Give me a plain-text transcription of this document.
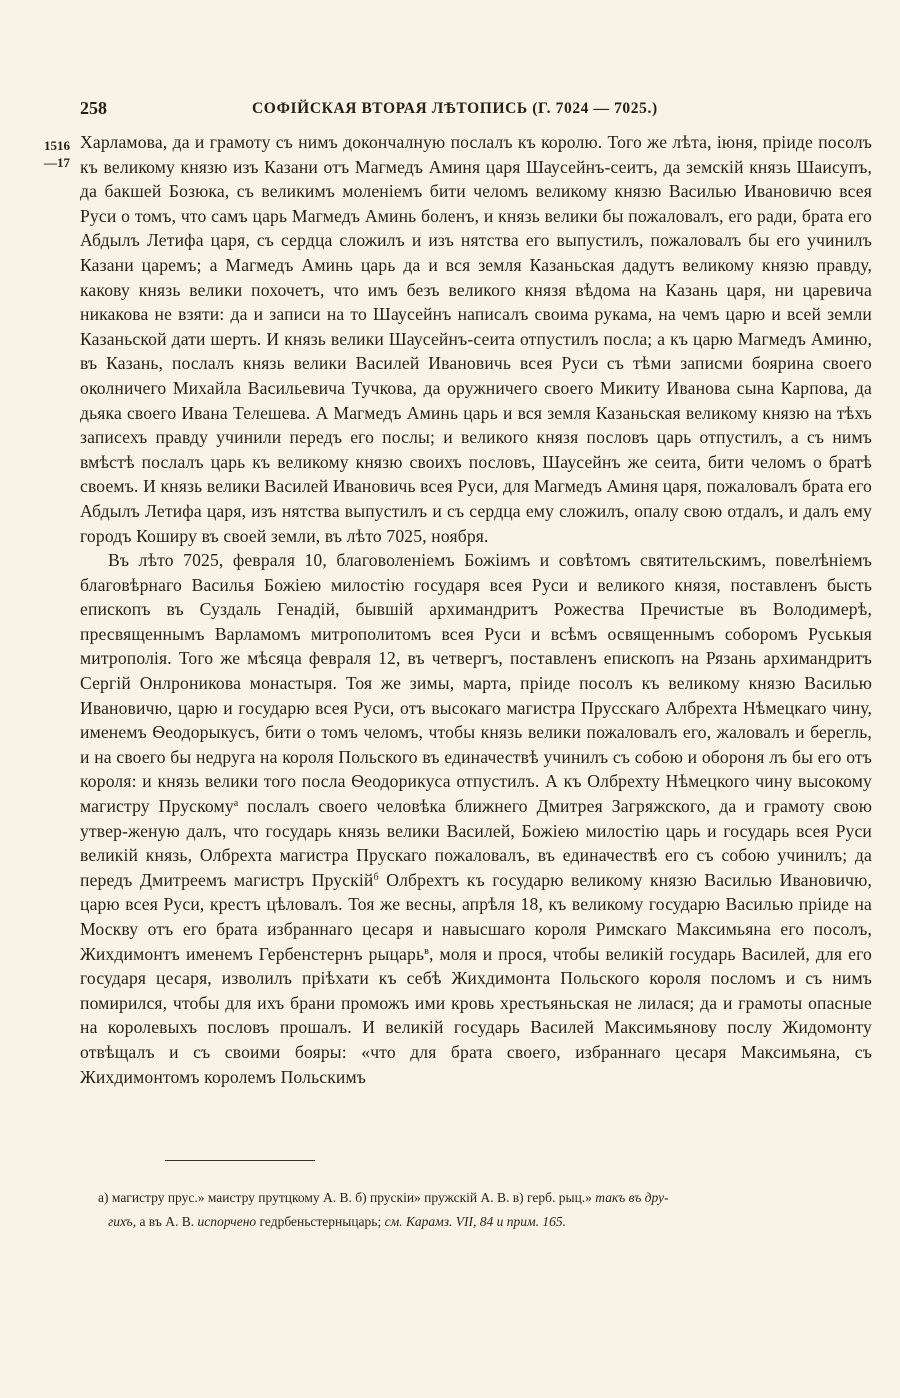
258	СОФІЙСКАЯ ВТОРАЯ ЛѢТОПИСЬ (Г. 7024 — 7025.)
1516
—17

Харламова, да и грамоту съ нимъ докончалную послалъ къ королю. Того же лѣта, іюня, пріиде посолъ къ великому князю изъ Казани отъ Магмедъ Аминя царя Шаусейнъ-сеитъ, да земскій князь Шаисупъ, да бакшей Бозюка, съ великимъ моленіемъ бити челомъ великому князю Василью Ивановичю всея Руси о томъ, что самъ царь Магмедъ Аминь боленъ, и князь велики бы пожаловалъ, его ради, брата его Абдылъ Летифа царя, съ сердца сложилъ и изъ нятства его выпустилъ, пожаловалъ бы его учинилъ Казани царемъ; а Магмедъ Аминь царь да и вся земля Казаньская дадутъ великому князю правду, какову князь велики похочетъ, что имъ безъ великого князя вѣдома на Казань царя, ни царевича никакова не взяти: да и записи на то Шаусейнъ написалъ своима рукама, на чемъ царю и всей земли Казаньской дати шерть. И князь велики Шаусейнъ-сеита отпустилъ посла; а къ царю Магмедъ Аминю, въ Казань, послалъ князь велики Василей Ивановичь всея Руси съ тѣми записми боярина своего околничего Михайла Васильевича Тучкова, да оружничего своего Микиту Иванова сына Карпова, да дьяка своего Ивана Телешева. А Магмедъ Аминь царь и вся земля Казаньская великому князю на тѣхъ записехъ правду учинили передъ его послы; и великого князя пословъ царь отпустилъ, а съ нимъ вмѣстѣ послалъ царь къ великому князю своихъ пословъ, Шаусейнъ же сеита, бити челомъ о братѣ своемъ. И князь велики Василей Ивановичь всея Руси, для Магмедъ Аминя царя, пожаловалъ брата его Абдылъ Летифа царя, изъ нятства выпустилъ и съ сердца ему сложилъ, опалу свою отдалъ, и далъ ему городъ Коширу въ своей земли, въ лѣто 7025, ноября.

Въ лѣто 7025, февраля 10, благоволеніемъ Божіимъ и совѣтомъ святительскимъ, повелѣніемъ благовѣрнаго Василья Божіею милостію государя всея Руси и великого князя, поставленъ бысть епископъ въ Суздаль Генадій, бывшій архимандритъ Рожества Пречистые въ Володимерѣ, пресвященнымъ Варламомъ митрополитомъ всея Руси и всѣмъ освященнымъ соборомъ Руськыя митрополія. Того же мѣсяца февраля 12, въ четвергъ, поставленъ епископъ на Рязань архимандритъ Сергій Онлроникова монастыря. Тоя же зимы, марта, пріиде посолъ къ великому князю Василью Ивановичю, царю и государю всея Руси, отъ высокаго магистра Прусскаго Албрехта Нѣмецкаго чину, именемъ Ѳеодорыкусъ, бити о томъ челомъ, чтобы князь велики пожаловалъ его, жаловалъ и берегль, и на своего бы недруга на короля Польского въ единачествѣ учинилъ съ собою и обороня лъ бы его отъ короля: и князь велики того посла Ѳеодорикуса отпустилъ. А къ Олбрехту Нѣмецкого чину высокому магистру Прускому$^а$ послалъ своего человѣка ближнего Дмитрея Загряжского, да и грамоту свою утвер-женую далъ, что государь князь велики Василей, Божіею милостію царь и государь всея Руси великій князь, Олбрехта магистра Прускаго пожаловалъ, въ единачествѣ его съ собою учинилъ; да передъ Дмитреемъ магистръ Прускій$^б$ Олбрехтъ къ государю великому князю Василью Ивановичю, царю всея Руси, крестъ цѣловалъ. Тоя же весны, апрѣля 18, къ великому государю Василью пріиде на Москву отъ его брата избраннаго цесаря и навысшаго короля Римскаго Максимьяна его посолъ, Жихдимонтъ именемъ Гербенстернъ рыцарь$^в$, моля и прося, чтобы великій государь Василей, для его государя цесаря, изволилъ пріѣхати къ себѣ Жихдимонта Польского короля посломъ и съ нимъ помирился, чтобы для ихъ брани проможъ ими кровь хрестьяньская не лилася; да и грамоты опасные на королевыхъ пословъ прошалъ. И великій государь Василей Максимьянову послу Жидомонту отвѣщалъ и съ своими бояры: «что для брата своего, избраннаго цесаря Максимьяна, съ Жихдимонтомъ королемъ Польскимъ

а) магистру прус.» маистру прутцкому А. В. б) прускіи» пружскій А. В. в) герб. рыц.» такъ въ дру-

гихъ, а въ А. В. испорчено гедрбеньстерныцарь; см. Карамз. VII, 84 и прим. 165.
